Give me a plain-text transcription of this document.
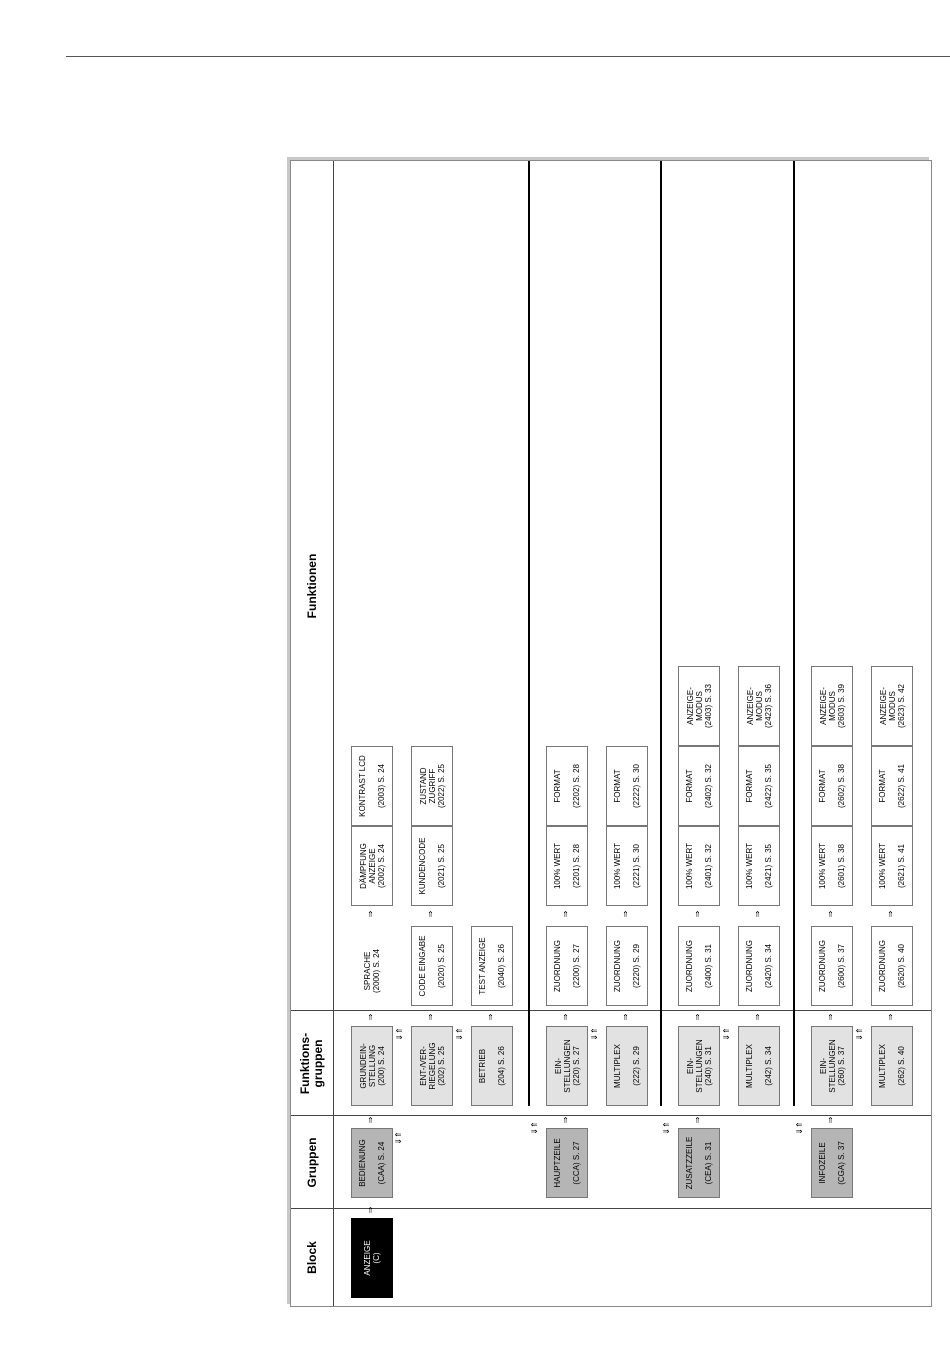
Block
Gruppen
Funktions-
gruppen
Funktionen
ANZEIGE
(C)
⇒
BEDIENUNG (CAA) S. 24
⇓⇑
⇒
⇓⇑
HAUPTZEILE (CCA) S. 27
⇒
⇓⇑
ZUSATZZEILE (CEA) S. 31
⇒
⇓⇑
INFOZEILE (CGA) S. 37
⇒
GRUNDEIN-
STELLUNG
(200) S. 24
⇓⇑
⇒
ENT-/VER-
RIEGELUNG
(202) S. 25
⇓⇑
⇒
BETRIEB (204) S. 26
⇒
EIN-
STELLUNGEN
(220) S. 27
⇓⇑
⇒
MULTIPLEX (222) S. 29
⇒
EIN-
STELLUNGEN
(240) S. 31
⇓⇑
⇒
MULTIPLEX (242) S. 34
⇒
EIN-
STELLUNGEN
(260) S. 37
⇓⇑
⇒
MULTIPLEX (262) S. 40
⇒
SPRACHE (2000) S. 24
⇒
DÄMPFUNG
ANZEIGE
(2002) S. 24
KONTRAST LCD (2003) S. 24
CODE EINGABE (2020) S. 25
⇒
KUNDENCODE (2021) S. 25
ZUSTAND
ZUGRIFF
(2022) S. 25
TEST ANZEIGE (2040) S. 26	ZUORDNUNG (2200) S. 27
⇒
100% WERT (2201) S. 28
FORMAT (2202) S. 28
ZUORDNUNG (2220) S. 29
⇒
100% WERT (2221) S. 30
FORMAT (2222) S. 30
ZUORDNUNG (2400) S. 31
⇒
100% WERT (2401) S. 32
FORMAT (2402) S. 32
ANZEIGE-
MODUS
(2403) S. 33
ZUORDNUNG (2420) S. 34
⇒
100% WERT (2421) S. 35
FORMAT (2422) S. 35
ANZEIGE-
MODUS
(2423) S. 36
ZUORDNUNG (2600) S. 37
⇒
100% WERT (2601) S. 38
FORMAT (2602) S. 38
ANZEIGE-
MODUS
(2603) S. 39
ZUORDNUNG (2620) S. 40
⇒
100% WERT (2621) S. 41
FORMAT (2622) S. 41
ANZEIGE-
MODUS
(2623) S. 42
